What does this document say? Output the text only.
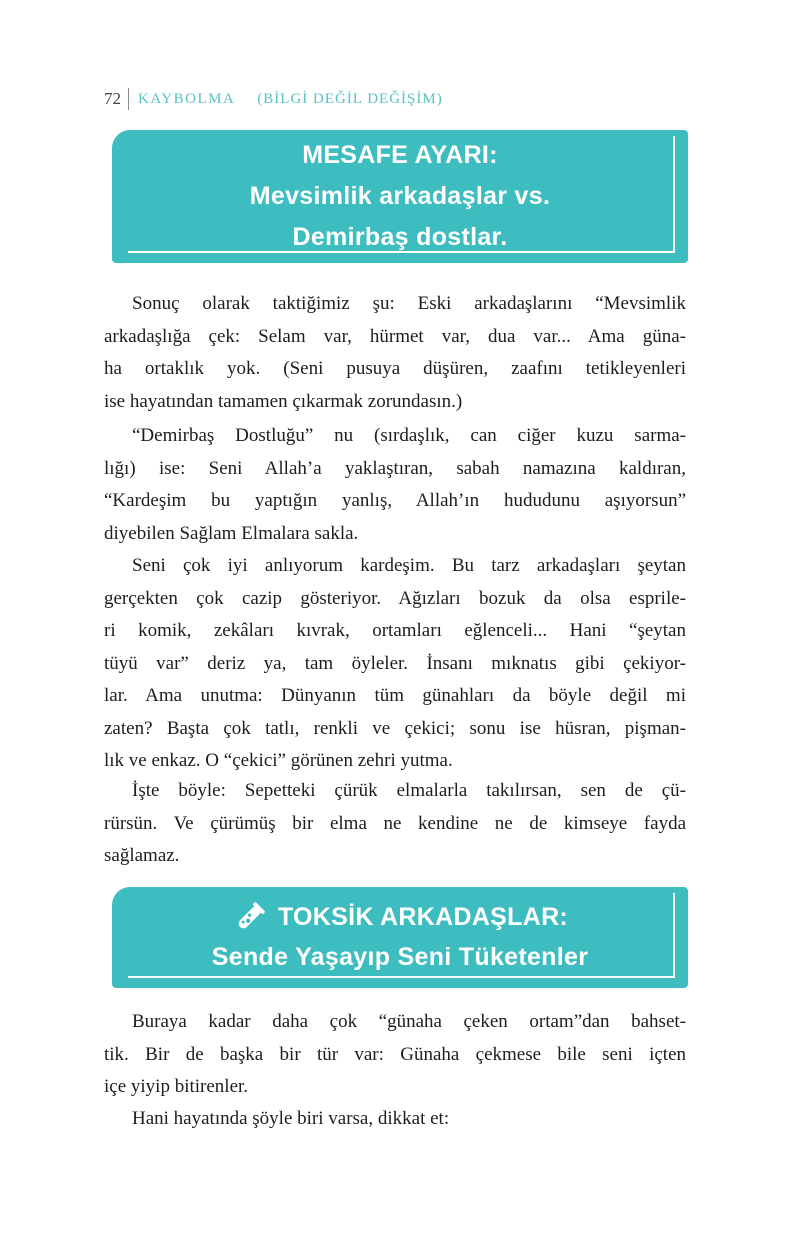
72 KAYBOLMA (BİLGİ DEĞİL DEĞİŞİM)
MESAFE AYARI:
Mevsimlik arkadaşlar vs.
Demirbaş dostlar.
Sonuç olarak taktiğimiz şu: Eski arkadaşlarını “Mevsimlik
arkadaşlığa çek: Selam var, hürmet var, dua var... Ama güna-
ha ortaklık yok. (Seni pusuya düşüren, zaafını tetikleyenleri
ise hayatından tamamen çıkarmak zorundasın.)
“Demirbaş Dostluğu” nu (sırdaşlık, can ciğer kuzu sarma-
lığı) ise: Seni Allah’a yaklaştıran, sabah namazına kaldıran,
“Kardeşim bu yaptığın yanlış, Allah’ın hududunu aşıyorsun”
diyebilen Sağlam Elmalara sakla.
Seni çok iyi anlıyorum kardeşim. Bu tarz arkadaşları şeytan
gerçekten çok cazip gösteriyor. Ağızları bozuk da olsa esprile-
ri komik, zekâları kıvrak, ortamları eğlenceli... Hani “şeytan
tüyü var” deriz ya, tam öyleler. İnsanı mıknatıs gibi çekiyor-
lar. Ama unutma: Dünyanın tüm günahları da böyle değil mi
zaten? Başta çok tatlı, renkli ve çekici; sonu ise hüsran, pişman-
lık ve enkaz. O “çekici” görünen zehri yutma.
İşte böyle: Sepetteki çürük elmalarla takılırsan, sen de çü-
rürsün. Ve çürümüş bir elma ne kendine ne de kimseye fayda
sağlamaz.
TOKSİK ARKADAŞLAR:
Sende Yaşayıp Seni Tüketenler
Buraya kadar daha çok “günaha çeken ortam”dan bahset-
tik. Bir de başka bir tür var: Günaha çekmese bile seni içten
içe yiyip bitirenler.
Hani hayatında şöyle biri varsa, dikkat et:
